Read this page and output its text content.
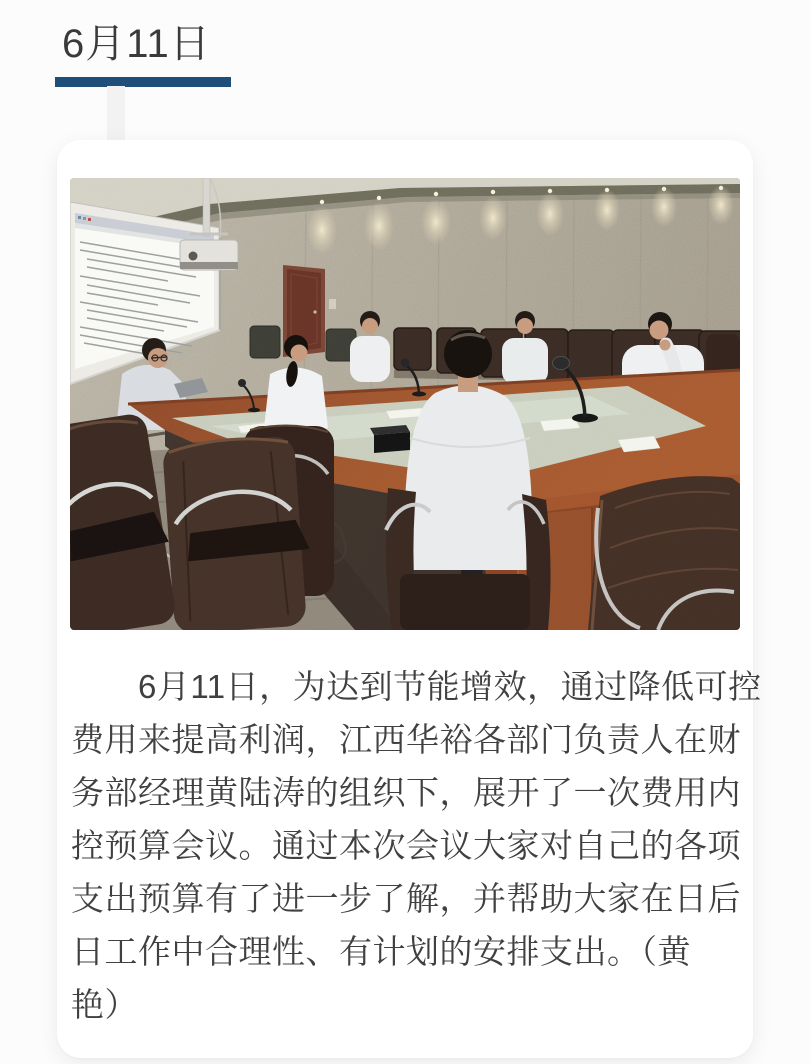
6月11日
6月11日，为达到节能增效，通过降低可控
费用来提高利润，江西华裕各部门负责人在财
务部经理黄陆涛的组织下，展开了一次费用内
控预算会议。通过本次会议大家对自己的各项
支出预算有了进一步了解，并帮助大家在日后
日工作中合理性、有计划的安排支出。（黄
艳）
